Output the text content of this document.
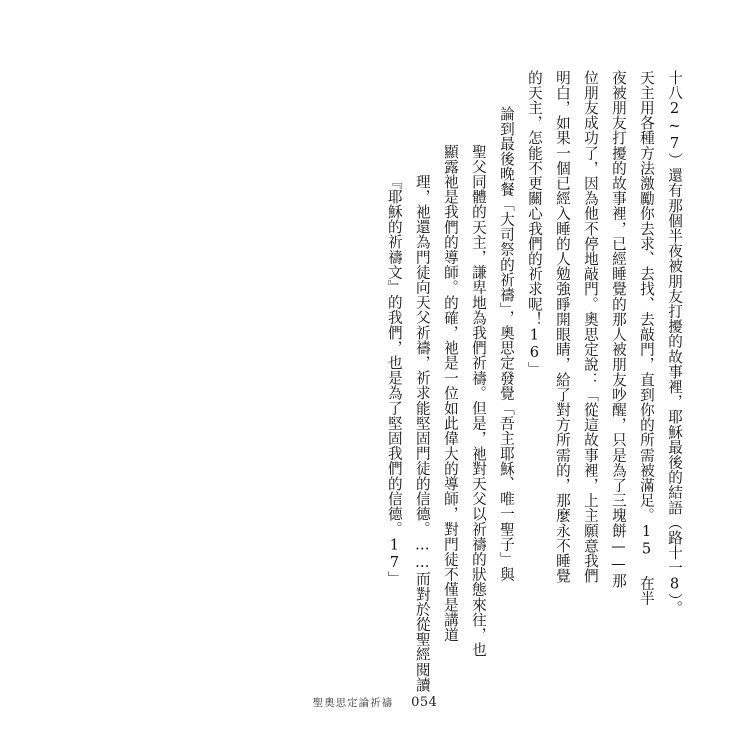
十八2~7）還有那個半夜被朋友打擾的故事裡，耶穌最後的結語（路十一8）。
天主用各種方法激勵你去求、去找、去敲門，直到你的所需被滿足。15 在半
夜被朋友打擾的故事裡，已經睡覺的那人被朋友吵醒，只是為了三塊餅——那
位朋友成功了，因為他不停地敲門。奧思定說：「從這故事裡，上主願意我們
明白，如果一個已經入睡的人勉強睜開眼睛，給了對方所需的，那麼永不睡覺
的天主，怎能不更關心我們的祈求呢！16」
論到最後晚餐「大司祭的祈禱」，奧思定發覺「吾主耶穌、唯一聖子」與
聖父同體的天主，謙卑地為我們祈禱。但是，祂對天父以祈禱的狀態來往，也
顯露祂是我們的導師。的確，祂是一位如此偉大的導師，對門徒不僅是講道
理，祂還為門徒向天父祈禱，祈求能堅固門徒的信德。……而對於從聖經閱讀
『耶穌的祈禱文』的我們，也是為了堅固我們的信德。17」
聖奧思定論祈禱 054
